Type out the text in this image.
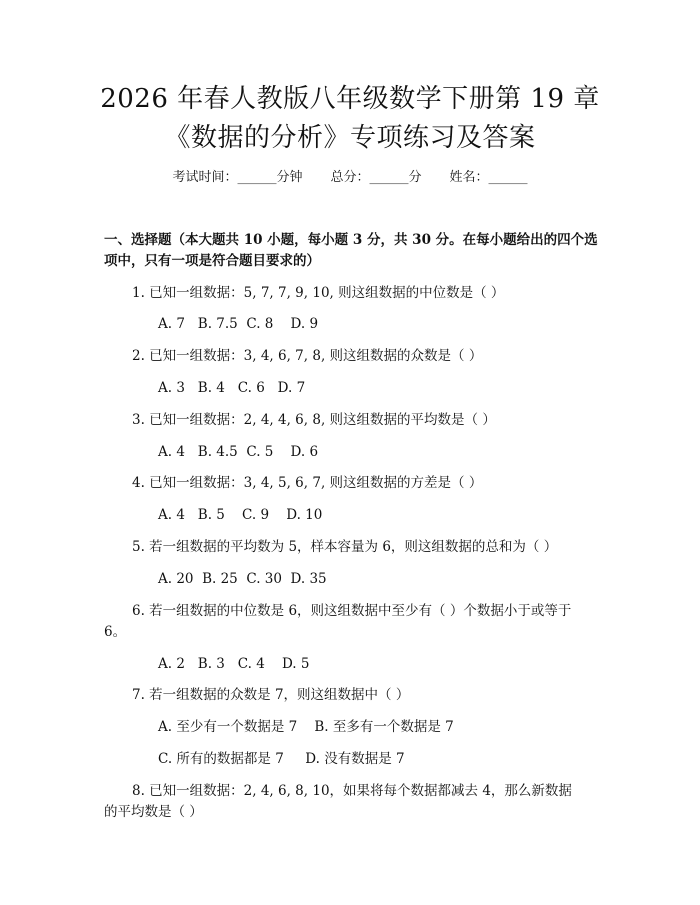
2026 年春人教版八年级数学下册第 19 章
《数据的分析》专项练习及答案
考试时间：______分钟 总分：______分 姓名：______
一、选择题（本大题共 10 小题，每小题 3 分，共 30 分。在每小题给出的四个选
项中，只有一项是符合题目要求的）
1. 已知一组数据：5, 7, 7, 9, 10, 则这组数据的中位数是（ ）
A. 7   B. 7.5  C. 8    D. 9
2. 已知一组数据：3, 4, 6, 7, 8, 则这组数据的众数是（ ）
A. 3   B. 4   C. 6   D. 7
3. 已知一组数据：2, 4, 4, 6, 8, 则这组数据的平均数是（ ）
A. 4   B. 4.5  C. 5    D. 6
4. 已知一组数据：3, 4, 5, 6, 7, 则这组数据的方差是（ ）
A. 4   B. 5    C. 9    D. 10
5. 若一组数据的平均数为 5，样本容量为 6，则这组数据的总和为（ ）
A. 20  B. 25  C. 30  D. 35
6. 若一组数据的中位数是 6，则这组数据中至少有（ ）个数据小于或等于
6。
A. 2   B. 3   C. 4    D. 5
7. 若一组数据的众数是 7，则这组数据中（ ）
A. 至少有一个数据是 7    B. 至多有一个数据是 7
C. 所有的数据都是 7     D. 没有数据是 7
8. 已知一组数据：2, 4, 6, 8, 10，如果将每个数据都减去 4，那么新数据
的平均数是（ ）
